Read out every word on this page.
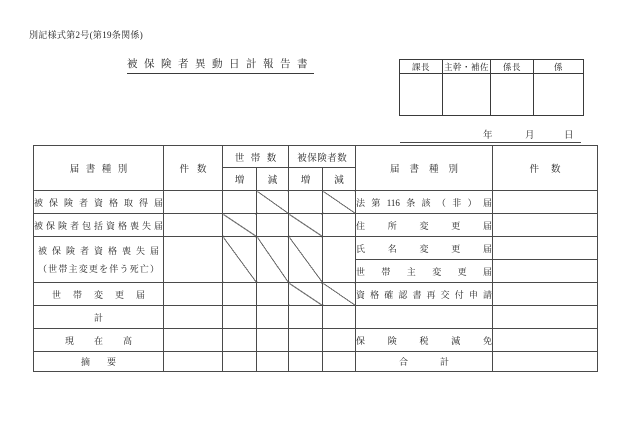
別記様式第2号(第19条関係)
被保険者異動日計報告書	課長	主幹・補佐	係長	係

年	月	日
届書種別	件数	世帯数		被保険者数		届書種別	件数
		増	減	増	減		
被保険者資格取得届						法第116条該（非）届	
被保険者包括資格喪失届						住所変更届	

被保険者資格喪失届
（世帯主変更を伴う死亡）						氏名変更届	
						世帯主変更届	
世帯変更届						資格確認書再交付申請	
計							
現在高						保険税減免	
摘要						合計	
